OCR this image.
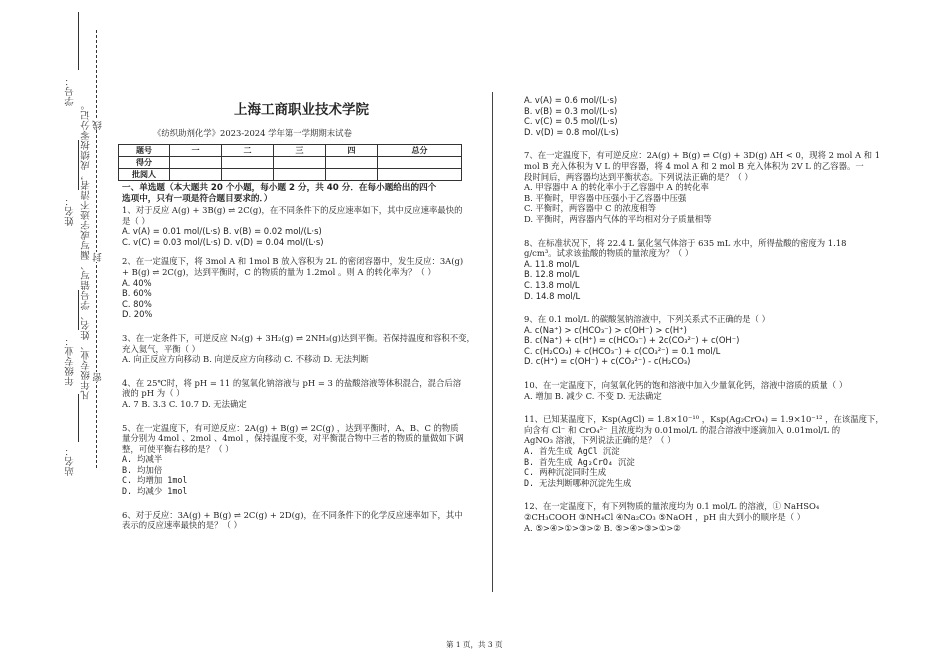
学号：
姓名：
年级专业：
站名：
凡年级专业、姓名、学号错写、漏写或字迹不清者，成绩按零分记。 线
封
密
上海工商职业技术学院
《纺织助剂化学》2023-2024 学年第一学期期末试卷
题号	一	二	三	四	总分
得分					
批阅人					
一、单选题（本大题共 20 个小题，每小题 2 分，共 40 分．在每小题给出的四个
选项中，只有一项是符合题目要求的．）
1、对于反应 A(g) + 3B(g) ⇌ 2C(g)，在不同条件下的反应速率如下，其中反应速率最快的
是（ ）
A. v(A) = 0.01 mol/(L·s) B. v(B) = 0.02 mol/(L·s)
C. v(C) = 0.03 mol/(L·s) D. v(D) = 0.04 mol/(L·s)
2、在一定温度下，将 3mol A 和 1mol B 放入容积为 2L 的密闭容器中，发生反应：3A(g)
+ B(g) ⇌ 2C(g)，达到平衡时，C 的物质的量为 1.2mol 。则 A 的转化率为？（ ）
A. 40%
B. 60%
C. 80%
D. 20%
3、在一定条件下，可逆反应 N₂(g) + 3H₂(g) ⇌ 2NH₃(g)达到平衡。若保持温度和容积不变，
充入氦气，平衡（ ）
A. 向正反应方向移动 B. 向逆反应方向移动 C. 不移动 D. 无法判断
4、在 25℃时，将 pH = 11 的氢氧化钠溶液与 pH = 3 的盐酸溶液等体积混合，混合后溶
液的 pH 为（ ）
A. 7 B. 3.3 C. 10.7 D. 无法确定
5、在一定温度下，有可逆反应：2A(g) + B(g) ⇌ 2C(g) ，达到平衡时，A、B、C 的物质
量分别为 4mol 、2mol 、4mol ，保持温度不变，对平衡混合物中三者的物质的量做如下调
整，可使平衡右移的是？（ ）
A. 均减半
B. 均加倍
C. 均增加 1mol
D. 均减少 1mol
6、对于反应：3A(g) + B(g) ⇌ 2C(g) + 2D(g)，在不同条件下的化学反应速率如下，其中
表示的反应速率最快的是？（ ）
A. v(A) = 0.6 mol/(L·s)
B. v(B) = 0.3 mol/(L·s)
C. v(C) = 0.5 mol/(L·s)
D. v(D) = 0.8 mol/(L·s)
7、在一定温度下，有可逆反应：2A(g) + B(g) ⇌ C(g) + 3D(g) ΔH < 0，现将 2 mol A 和 1
mol B 充入体积为 V L 的甲容器，将 4 mol A 和 2 mol B 充入体积为 2V L 的乙容器。一
段时间后，两容器均达到平衡状态。下列说法正确的是？（ ）
A. 甲容器中 A 的转化率小于乙容器中 A 的转化率
B. 平衡时，甲容器中压强小于乙容器中压强
C. 平衡时，两容器中 C 的浓度相等
D. 平衡时，两容器内气体的平均相对分子质量相等
8、在标准状况下，将 22.4 L 氯化氢气体溶于 635 mL 水中，所得盐酸的密度为 1.18
g/cm³。试求该盐酸的物质的量浓度为？（ ）
A. 11.8 mol/L
B. 12.8 mol/L
C. 13.8 mol/L
D. 14.8 mol/L
9、在 0.1 mol/L 的碳酸氢钠溶液中，下列关系式不正确的是（ ）
A. c(Na⁺) > c(HCO₃⁻) > c(OH⁻) > c(H⁺)
B. c(Na⁺) + c(H⁺) = c(HCO₃⁻) + 2c(CO₃²⁻) + c(OH⁻)
C. c(H₂CO₃) + c(HCO₃⁻) + c(CO₃²⁻) = 0.1 mol/L
D. c(H⁺) = c(OH⁻) + c(CO₃²⁻) - c(H₂CO₃)
10、在一定温度下，向氢氧化钙的饱和溶液中加入少量氧化钙，溶液中溶质的质量（ ）
A. 增加 B. 减少 C. 不变 D. 无法确定
11、已知某温度下，Ksp(AgCl) = 1.8×10⁻¹⁰ ，Ksp(Ag₂CrO₄) = 1.9×10⁻¹² ，在该温度下，
向含有 Cl⁻ 和 CrO₄²⁻ 且浓度均为 0.01mol/L 的混合溶液中逐滴加入 0.01mol/L 的
AgNO₃ 溶液，下列说法正确的是？（ ）
A. 首先生成 AgCl 沉淀
B. 首先生成 Ag₂CrO₄ 沉淀
C. 两种沉淀同时生成
D. 无法判断哪种沉淀先生成
12、在一定温度下，有下列物质的量浓度均为 0.1 mol/L 的溶液，① NaHSO₄
②CH₃COOH ③NH₄Cl ④Na₂CO₃ ⑤NaOH ，pH 由大到小的顺序是（ ）
A. ⑤>④>①>③>② B. ⑤>④>③>①>②
第 1 页，共 3 页
